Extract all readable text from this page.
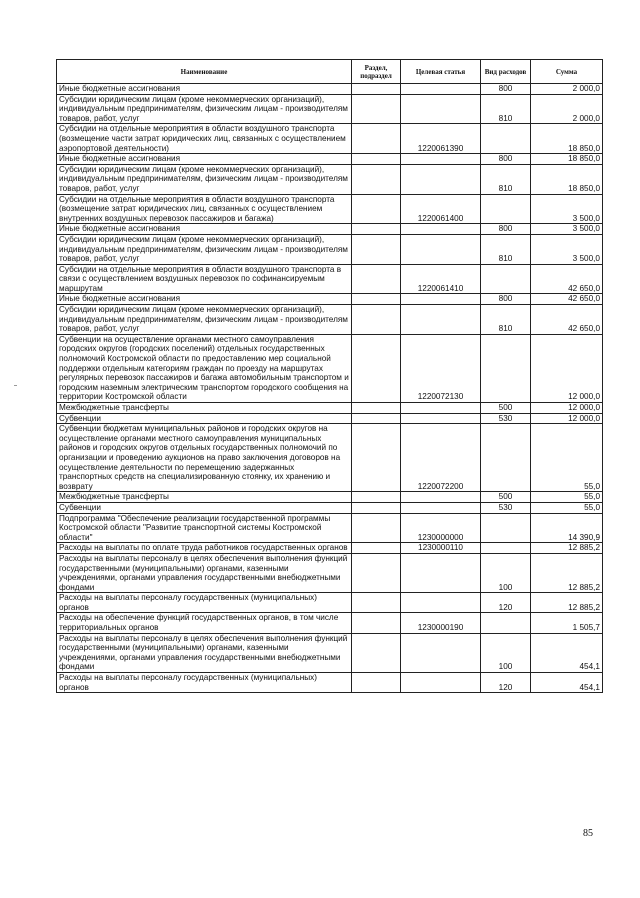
Наименование	Раздел, подраздел	Целевая статья	Вид расходов	Сумма
Иные бюджетные ассигнования			800	2 000,0
Субсидии юридическим лицам (кроме некоммерческих организаций), индивидуальным предпринимателям, физическим лицам - производителям товаров, работ, услуг			810	2 000,0
Субсидии на отдельные мероприятия в области воздушного транспорта (возмещение части затрат юридических лиц, связанных с осуществлением аэропортовой деятельности)		1220061390		18 850,0
Иные бюджетные ассигнования			800	18 850,0
Субсидии юридическим лицам (кроме некоммерческих организаций), индивидуальным предпринимателям, физическим лицам - производителям товаров, работ, услуг			810	18 850,0
Субсидии на отдельные мероприятия в области воздушного транспорта (возмещение затрат юридических лиц, связанных с осуществлением внутренних воздушных перевозок пассажиров и багажа)		1220061400		3 500,0
Иные бюджетные ассигнования			800	3 500,0
Субсидии юридическим лицам (кроме некоммерческих организаций), индивидуальным предпринимателям, физическим лицам - производителям товаров, работ, услуг			810	3 500,0
Субсидии на отдельные мероприятия в области воздушного транспорта в связи с осуществлением воздушных перевозок по софинансируемым маршрутам		1220061410		42 650,0
Иные бюджетные ассигнования			800	42 650,0
Субсидии юридическим лицам (кроме некоммерческих организаций), индивидуальным предпринимателям, физическим лицам - производителям товаров, работ, услуг			810	42 650,0
Субвенции на осуществление органами местного самоуправления городских округов (городских поселений) отдельных государственных полномочий Костромской области по предоставлению мер социальной поддержки отдельным категориям граждан по проезду на маршрутах регулярных перевозок пассажиров и багажа автомобильным транспортом и городским наземным электрическим транспортом городского сообщения на территории Костромской области		1220072130		12 000,0
Межбюджетные трансферты			500	12 000,0
Субвенции			530	12 000,0
Субвенции бюджетам муниципальных районов и городских округов на осуществление органами местного самоуправления муниципальных районов и городских округов отдельных государственных полномочий по организации и проведению аукционов на право заключения договоров на осуществление деятельности по перемещению задержанных транспортных средств на специализированную стоянку, их хранению и возврату		1220072200		55,0
Межбюджетные трансферты			500	55,0
Субвенции			530	55,0
Подпрограмма "Обеспечение реализации государственной программы Костромской области "Развитие транспортной системы Костромской области"		1230000000		14 390,9
Расходы на выплаты по оплате труда работников государственных органов		1230000110		12 885,2
Расходы на выплаты персоналу в целях обеспечения выполнения функций государственными (муниципальными) органами, казенными учреждениями, органами управления государственными внебюджетными фондами			100	12 885,2
Расходы на выплаты персоналу государственных (муниципальных) органов			120	12 885,2
Расходы на обеспечение функций государственных органов, в том числе территориальных органов		1230000190		1 505,7
Расходы на выплаты персоналу в целях обеспечения выполнения функций государственными (муниципальными) органами, казенными учреждениями, органами управления государственными внебюджетными фондами			100	454,1
Расходы на выплаты персоналу государственных (муниципальных) органов			120	454,1
85
